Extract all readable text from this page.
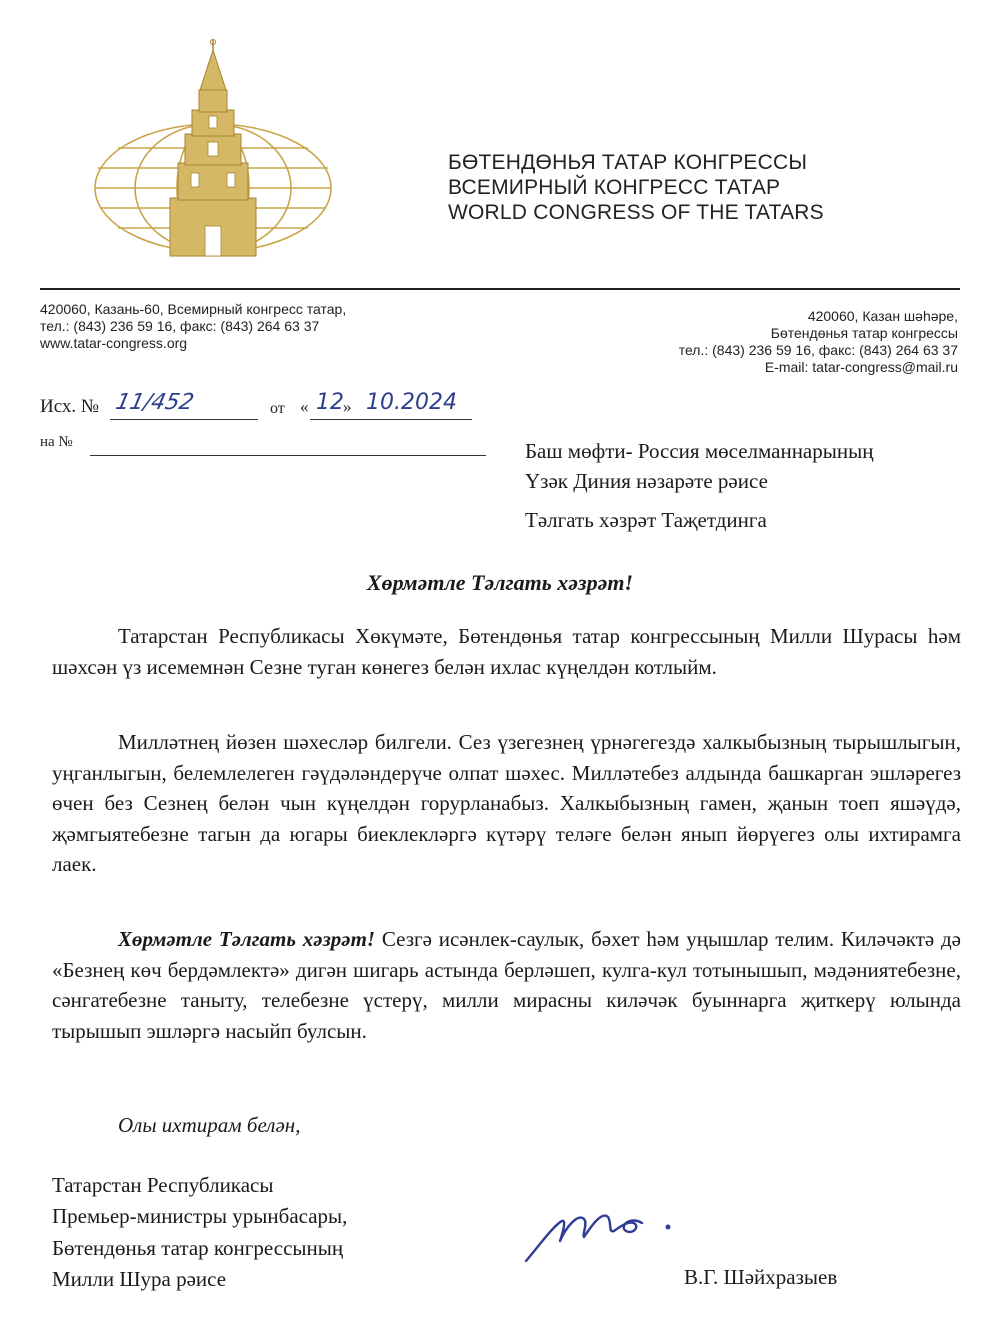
БӨТЕНДӨНЬЯ ТАТАР КОНГРЕССЫ
ВСЕМИРНЫЙ КОНГРЕСС ТАТАР
WORLD CONGRESS OF THE TATARS
420060, Казань-60, Всемирный конгресс татар,
тел.: (843) 236 59 16, факс: (843) 264 63 37
www.tatar-congress.org
420060, Казан шәһәре,
Бөтендөнья татар конгрессы
тел.: (843) 236 59 16, факс: (843) 264 63 37
E-mail: tatar-congress@mail.ru
Исх. № 11/452	от « 12 » 10.2024
на №	Баш мөфти- Россия мөселманнарының
Үзәк Диния нәзарәте рәисе
Тәлгать хәзрәт Таҗетдинга
Хөрмәтле Тәлгать хәзрәт!
Татарстан Республикасы Хөкүмәте, Бөтендөнья татар конгрессының Милли Шурасы һәм шәхсән үз исемемнән Сезне туган көнегез белән ихлас күңелдән котлыйм.
Милләтнең йөзен шәхесләр билгели. Сез үзегезнең үрнәгегездә халкыбызның тырышлыгын, уңганлыгын, белемлелеген гәүдәләндерүче олпат шәхес. Милләтебез алдында башкарган эшләрегез өчен без Сезнең белән чын күңелдән горурланабыз. Халкыбызның гамен, җанын тоеп яшәүдә, җәмгыятебезне тагын да югары биеклекләргә күтәрү теләге белән янып йөрүегез олы ихтирамга лаек.
Хөрмәтле Тәлгать хәзрәт! Сезгә исәнлек-саулык, бәхет һәм уңышлар телим. Киләчәктә дә «Безнең көч бердәмлектә» дигән шигарь астында берләшеп, кулга-кул тотынышып, мәдәниятебезне, сәнгатебезне таныту, телебезне үстерү, милли мирасны киләчәк буыннарга җиткерү юлында тырышып эшләргә насыйп булсын.
Олы ихтирам белән,
Татарстан Республикасы
Премьер-министры урынбасары,
Бөтендөнья татар конгрессының
Милли Шура рәисе	В.Г. Шәйхразыев
